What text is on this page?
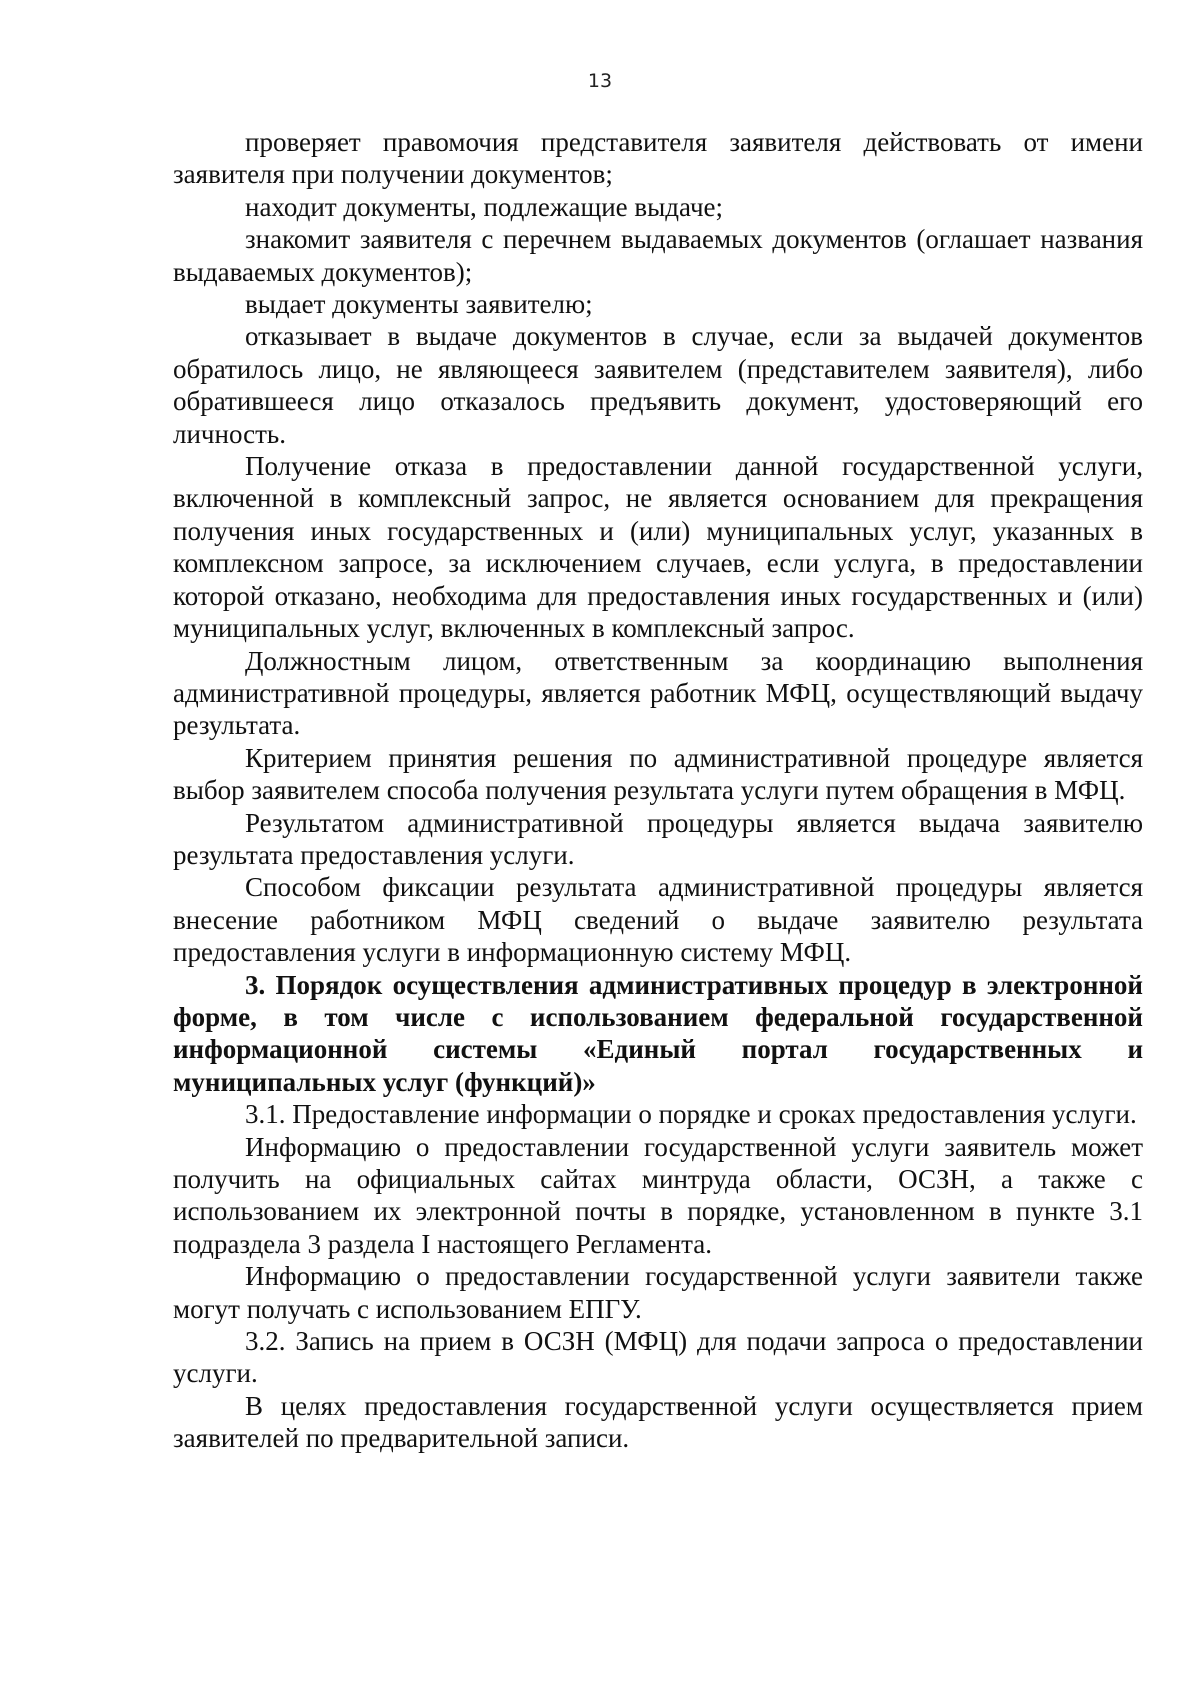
13

проверяет правомочия представителя заявителя действовать от имени заявителя при получении документов;

находит документы, подлежащие выдаче;

знакомит заявителя с перечнем выдаваемых документов (оглашает названия выдаваемых документов);

выдает документы заявителю;

отказывает в выдаче документов в случае, если за выдачей документов обратилось лицо, не являющееся заявителем (представителем заявителя), либо обратившееся лицо отказалось предъявить документ, удостоверяющий его личность.

Получение отказа в предоставлении данной государственной услуги, включенной в комплексный запрос, не является основанием для прекращения получения иных государственных и (или) муниципальных услуг, указанных в комплексном запросе, за исключением случаев, если услуга, в предоставлении которой отказано, необходима для предоставления иных государственных и (или) муниципальных услуг, включенных в комплексный запрос.

Должностным лицом, ответственным за координацию выполнения административной процедуры, является работник МФЦ, осуществляющий выдачу результата.

Критерием принятия решения по административной процедуре является выбор заявителем способа получения результата услуги путем обращения в МФЦ.

Результатом административной процедуры является выдача заявителю результата предоставления услуги.

Способом фиксации результата административной процедуры является внесение работником МФЦ сведений о выдаче заявителю результата предоставления услуги в информационную систему МФЦ.

3. Порядок осуществления административных процедур в электронной форме, в том числе с использованием федеральной государственной информационной системы «Единый портал государственных и муниципальных услуг (функций)»

3.1. Предоставление информации о порядке и сроках предоставления услуги.

Информацию о предоставлении государственной услуги заявитель может получить на официальных сайтах минтруда области, ОСЗН, а также с использованием их электронной почты в порядке, установленном в пункте 3.1 подраздела 3 раздела I настоящего Регламента.

Информацию о предоставлении государственной услуги заявители также могут получать с использованием ЕПГУ.

3.2. Запись на прием в ОСЗН (МФЦ) для подачи запроса о предоставлении услуги.

В целях предоставления государственной услуги осуществляется прием заявителей по предварительной записи.
